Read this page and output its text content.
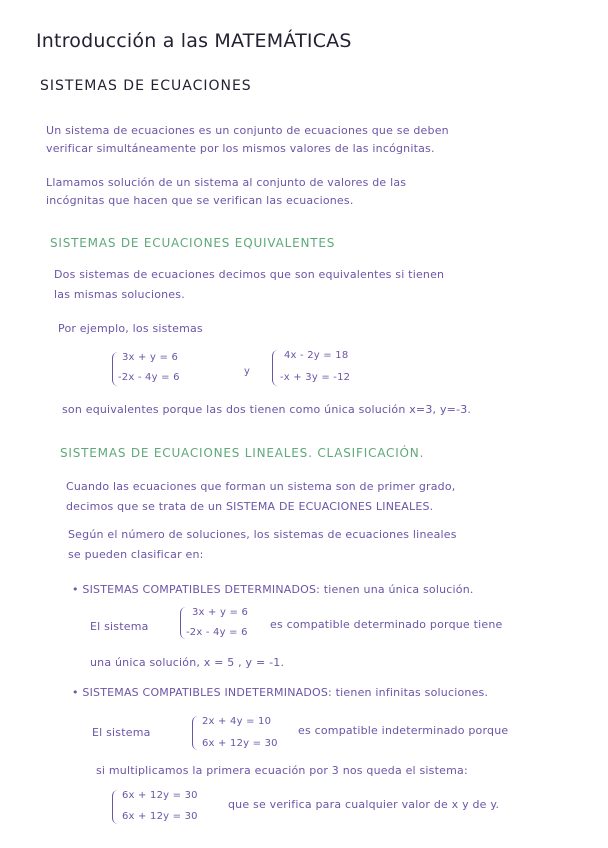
Introducción a las MATEMÁTICAS
SISTEMAS DE ECUACIONES
Un sistema de ecuaciones es un conjunto de ecuaciones que se deben
verificar simultáneamente por los mismos valores de las incógnitas.
Llamamos solución de un sistema al conjunto de valores de las
incógnitas que hacen que se verifican las ecuaciones.
SISTEMAS DE ECUACIONES EQUIVALENTES
Dos sistemas de ecuaciones decimos que son equivalentes si tienen
las mismas soluciones.
Por ejemplo, los sistemas
3x + y = 6
-2x - 4y = 6
y
4x - 2y = 18
-x + 3y = -12
son equivalentes porque las dos tienen como única solución x=3, y=-3.
SISTEMAS DE ECUACIONES LINEALES. CLASIFICACIÓN.
Cuando las ecuaciones que forman un sistema son de primer grado,
decimos que se trata de un SISTEMA DE ECUACIONES LINEALES.
Según el número de soluciones, los sistemas de ecuaciones lineales
se pueden clasificar en:
• SISTEMAS COMPATIBLES DETERMINADOS: tienen una única solución.
El sistema
3x + y = 6
-2x - 4y = 6
es compatible determinado porque tiene
una única solución, x = 5 , y = -1.
• SISTEMAS COMPATIBLES INDETERMINADOS: tienen infinitas soluciones.
El sistema
2x + 4y = 10
6x + 12y = 30
es compatible indeterminado porque
si multiplicamos la primera ecuación por 3 nos queda el sistema:
6x + 12y = 30
6x + 12y = 30
que se verifica para cualquier valor de x y de y.
